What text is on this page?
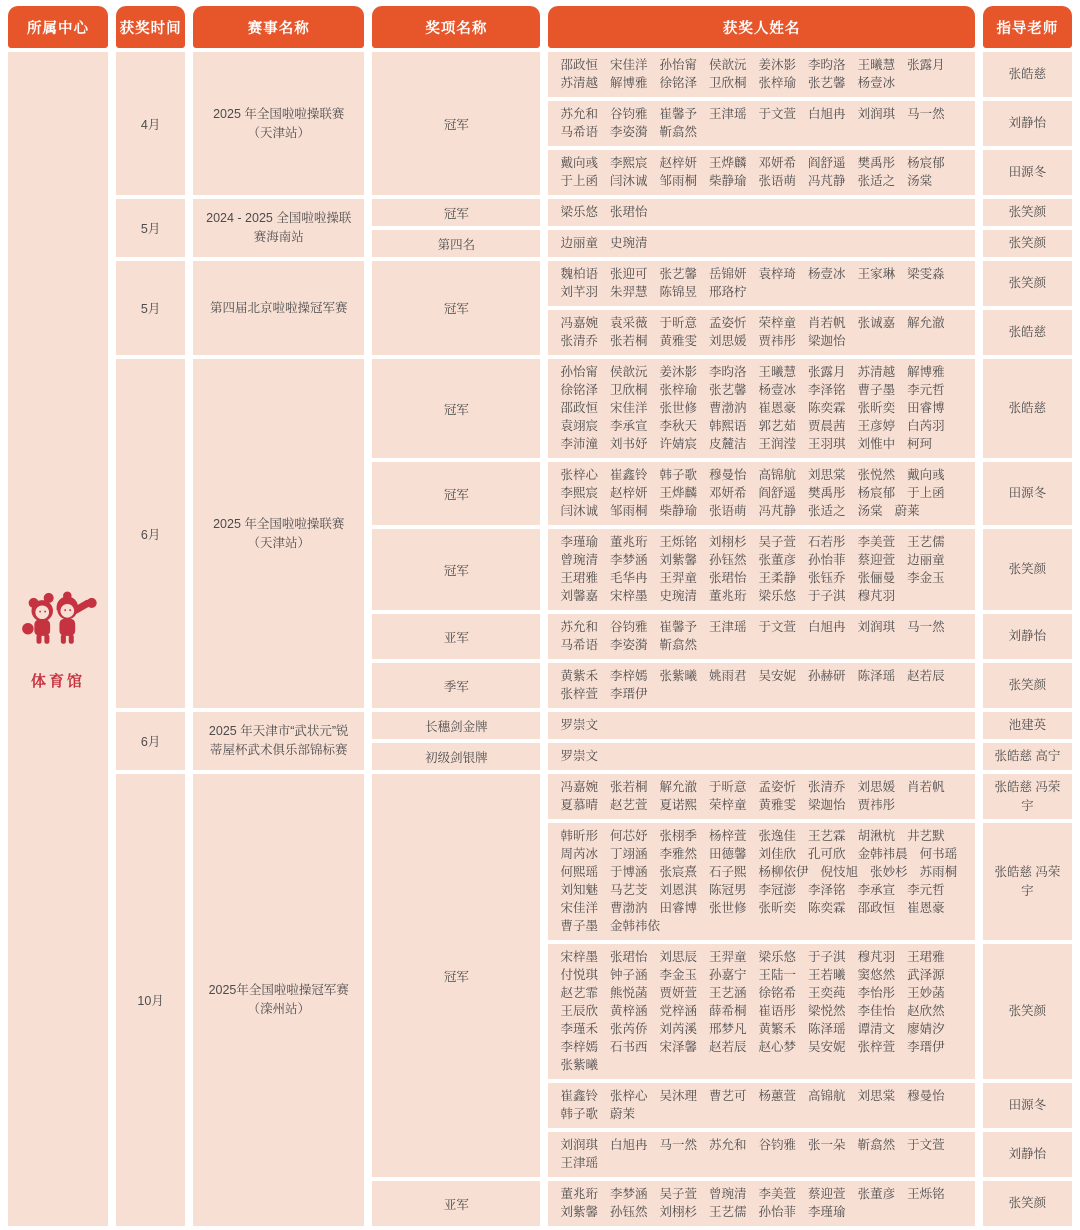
所属中心	获奖时间	赛事名称	奖项名称	获奖人姓名	指导老师

体育馆	4月	2025 年全国啦啦操联赛（天津站）	冠军	邵政恒 宋佳洋 孙怡甯 侯歆沅 姜沐影 李昀洛 王曦慧 张露月苏清越 解博雅 徐铭泽 卫欣桐 张梓瑜 张艺馨 杨壹冰	张皓慈
				苏允和 谷钧雅 崔馨予 王津瑶 于文萱 白旭冉 刘润琪 马一然马希语 李姿漪 靳翕然	刘静怡
				戴向彧 李熙宸 赵梓妍 王烨麟 邓妍希 阎舒遥 樊禹彤 杨宸郁于上函 闫沐诚 邹雨桐 柴静瑜 张语萌 冯芃静 张适之 汤棠	田源冬
	5月	2024 - 2025 全国啦啦操联赛海南站	冠军	梁乐悠 张珺怡	张笑颜
			第四名	边丽童 史琬清	张笑颜
	5月	第四届北京啦啦操冠军赛	冠军	魏柏语 张迎可 张艺馨 岳锦妍 袁梓琦 杨壹冰 王家琳 梁雯淼刘芊羽 朱羿慧 陈锦昱 邢珞柠	张笑颜
				冯嘉婉 袁采薇 于昕意 孟姿忻 荣梓童 肖若帆 张诚嘉 解允澈张清乔 张若桐 黄雅雯 刘思媛 贾祎彤 梁迦怡	张皓慈
	6月	2025 年全国啦啦操联赛（天津站）	冠军	孙怡甯 侯歆沅 姜沐影 李昀洛 王曦慧 张露月 苏清越 解博雅徐铭泽 卫欣桐 张梓瑜 张艺馨 杨壹冰 李泽铭 曹子墨 李元哲邵政恒 宋佳洋 张世修 曹渤汭 崔恩豪 陈奕霖 张昕奕 田睿博袁翊宸 李承宣 李秋天 韩熙语 郭艺茹 贾晨茜 王彦婷 白芮羽李沛潼 刘书妤 许婧宸 皮麓洁 王润滢 王羽琪 刘惟中 柯珂	张皓慈
			冠军	张梓心 崔鑫铃 韩子歌 穆曼怡 高锦航 刘思棠 张悦然 戴向彧李熙宸 赵梓妍 王烨麟 邓妍希 阎舒遥 樊禹彤 杨宸郁 于上函闫沐诚 邹雨桐 柴静瑜 张语萌 冯芃静 张适之 汤棠 蔚莱	田源冬
			冠军	李瑾瑜 董兆珩 王烁铭 刘栩杉 吴子萱 石若彤 李美萱 王艺儒曾琬清 李梦涵 刘紫馨 孙钰然 张董彦 孙怡菲 蔡迎萱 边丽童王珺雅 毛华冉 王羿童 张珺怡 王柔静 张钰乔 张俪曼 李金玉刘馨嘉 宋梓墨 史琬清 董兆珩 梁乐悠 于子淇 穆芃羽	张笑颜
			亚军	苏允和 谷钧雅 崔馨予 王津瑶 于文萱 白旭冉 刘润琪 马一然马希语 李姿漪 靳翕然	刘静怡
			季军	黄紫禾 李梓嫣 张紫曦 姚雨君 吴安妮 孙赫研 陈泽瑶 赵若辰张梓萱 李瑨伊	张笑颜
	6月	2025 年天津市“武状元”锐蒂屋杯武术俱乐部锦标赛	长穗剑金牌	罗崇文	池建英
			初级剑银牌	罗崇文	张皓慈 高宁
	10月	2025年全国啦啦操冠军赛（滦州站）	冠军	冯嘉婉 张若桐 解允澈 于昕意 孟姿忻 张清乔 刘思媛 肖若帆夏慕晴 赵艺萱 夏诺熙 荣梓童 黄雅雯 梁迦怡 贾祎彤	张皓慈 冯荣宇
				韩昕形 何芯妤 张栩季 杨梓萱 张逸佳 王艺霖 胡湫杭 井艺默周芮冰 丁翊涵 李雅然 田德馨 刘佳欣 孔可欣 金韩祎晨 何书瑶何熙瑶 于博涵 张宸熹 石子熙 杨柳依伊 倪忮旭 张妙杉 苏雨桐刘知魅 马艺芠 刘恩淇 陈冠男 李冠澎 李泽铭 李承宣 李元哲宋佳洋 曹渤汭 田睿博 张世修 张昕奕 陈奕霖 邵政恒 崔恩豪曹子墨 金韩祎依	张皓慈 冯荣宇
				宋梓墨 张珺怡 刘思辰 王羿童 梁乐悠 于子淇 穆芃羽 王珺雅付悦琪 钟子涵 李金玉 孙嘉宁 王陆一 王若曦 窦悠然 武泽源赵艺霏 熊悦菡 贾妍萱 王艺涵 徐铭希 王奕莼 李怡彤 王妙菡王辰欣 黄梓涵 党梓涵 薛希桐 崔语彤 梁悦然 李佳怡 赵欣然李瑾禾 张芮侨 刘芮溪 邢梦凡 黄繁禾 陈泽瑶 谭清文 廖婧汐李梓嫣 石书西 宋泽馨 赵若辰 赵心梦 吴安妮 张梓萱 李瑨伊张紫曦	张笑颜
				崔鑫铃 张梓心 吴沐理 曹艺可 杨蕙萱 高锦航 刘思棠 穆曼怡韩子歌 蔚茉	田源冬
				刘润琪 白旭冉 马一然 苏允和 谷钧雅 张一朵 靳翕然 于文萱王津瑶	刘静怡
			亚军	董兆珩 李梦涵 吴子萱 曾琬清 李美萱 蔡迎萱 张董彦 王烁铭刘紫馨 孙钰然 刘栩杉 王艺儒 孙怡菲 李瑾瑜	张笑颜
